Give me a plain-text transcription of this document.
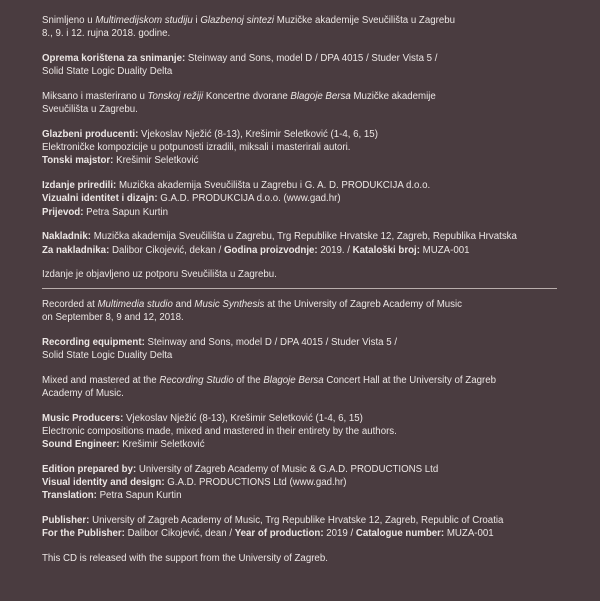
Snimljeno u Multimedijskom studiju i Glazbenoj sintezi Muzičke akademije Sveučilišta u Zagrebu
8., 9. i 12. rujna 2018. godine.

Oprema korištena za snimanje: Steinway and Sons, model D / DPA 4015 / Studer Vista 5 /
Solid State Logic Duality Delta

Miksano i masterirano u Tonskoj režiji Koncertne dvorane Blagoje Bersa Muzičke akademije
Sveučilišta u Zagrebu.

Glazbeni producenti: Vjekoslav Nježić (8-13), Krešimir Seletković (1-4, 6, 15)
Elektroničke kompozicije u potpunosti izradili, miksali i masterirali autori.
Tonski majstor: Krešimir Seletković

Izdanje priredili: Muzička akademija Sveučilišta u Zagrebu i G. A. D. PRODUKCIJA d.o.o.
Vizualni identitet i dizajn: G.A.D. PRODUKCIJA d.o.o. (www.gad.hr)
Prijevod: Petra Sapun Kurtin

Nakladnik: Muzička akademija Sveučilišta u Zagrebu, Trg Republike Hrvatske 12, Zagreb, Republika Hrvatska
Za nakladnika: Dalibor Cikojević, dekan / Godina proizvodnje: 2019. / Kataloški broj: MUZA-001

Izdanje je objavljeno uz potporu Sveučilišta u Zagrebu.

Recorded at Multimedia studio and Music Synthesis at the University of Zagreb Academy of Music
on September 8, 9 and 12, 2018.

Recording equipment: Steinway and Sons, model D / DPA 4015 / Studer Vista 5 /
Solid State Logic Duality Delta

Mixed and mastered at the Recording Studio of the Blagoje Bersa Concert Hall at the University of Zagreb
Academy of Music.

Music Producers: Vjekoslav Nježić (8-13), Krešimir Seletković (1-4, 6, 15)
Electronic compositions made, mixed and mastered in their entirety by the authors.
Sound Engineer: Krešimir Seletković

Edition prepared by: University of Zagreb Academy of Music & G.A.D. PRODUCTIONS Ltd
Visual identity and design: G.A.D. PRODUCTIONS Ltd (www.gad.hr)
Translation: Petra Sapun Kurtin

Publisher: University of Zagreb Academy of Music, Trg Republike Hrvatske 12, Zagreb, Republic of Croatia
For the Publisher: Dalibor Cikojević, dean / Year of production: 2019 / Catalogue number: MUZA-001

This CD is released with the support from the University of Zagreb.
